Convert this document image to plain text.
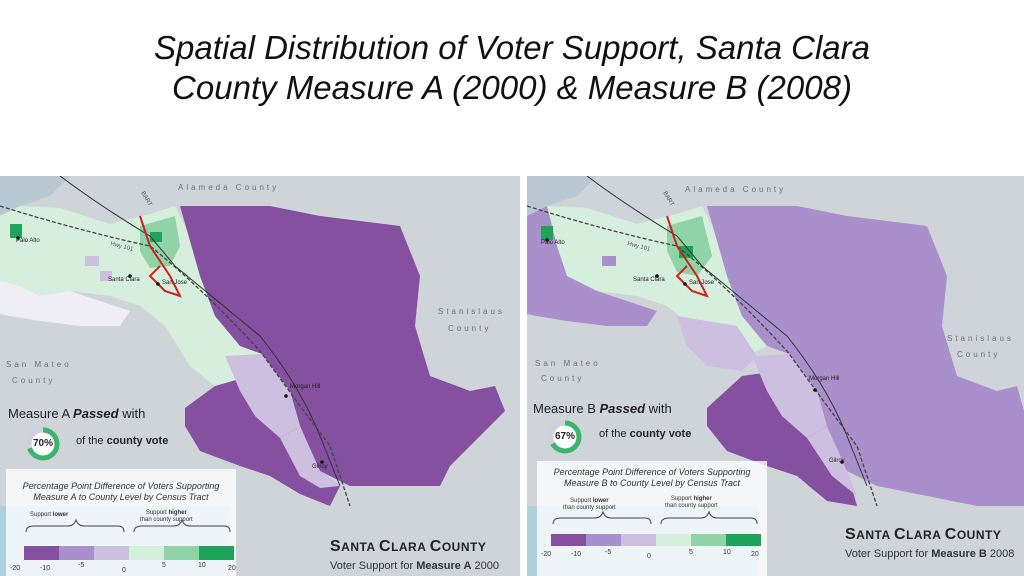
Spatial Distribution of Voter Support, Santa Clara
County Measure A (2000) & Measure B (2008)
Alameda County
Stanislaus
County
San Mateo
County
Palo Alto
San Jose
Santa Clara
Morgan Hill
Gilroy
BART
Hwy 101
Measure A Passed with
70%	of the county vote
Percentage Point Difference of Voters Supporting
Measure A to County Level by Census Tract
Support lower	Support higher
than county support
-20	-10	-5
0
5	10	20
SANTA CLARA COUNTY
Voter Support for Measure A 2000
Alameda County
Stanislaus
County
San Mateo
County
Palo Alto
San Jose
Santa Clara
Morgan Hill
Gilroy
BART
Hwy 101
Measure B Passed with
67%	of the county vote
Percentage Point Difference of Voters Supporting
Measure B to County Level by Census Tract
Support lower
than county support
Support higher
than county support
-20	-10	-5
0
5	10	20
SANTA CLARA COUNTY
Voter Support for Measure B 2008
